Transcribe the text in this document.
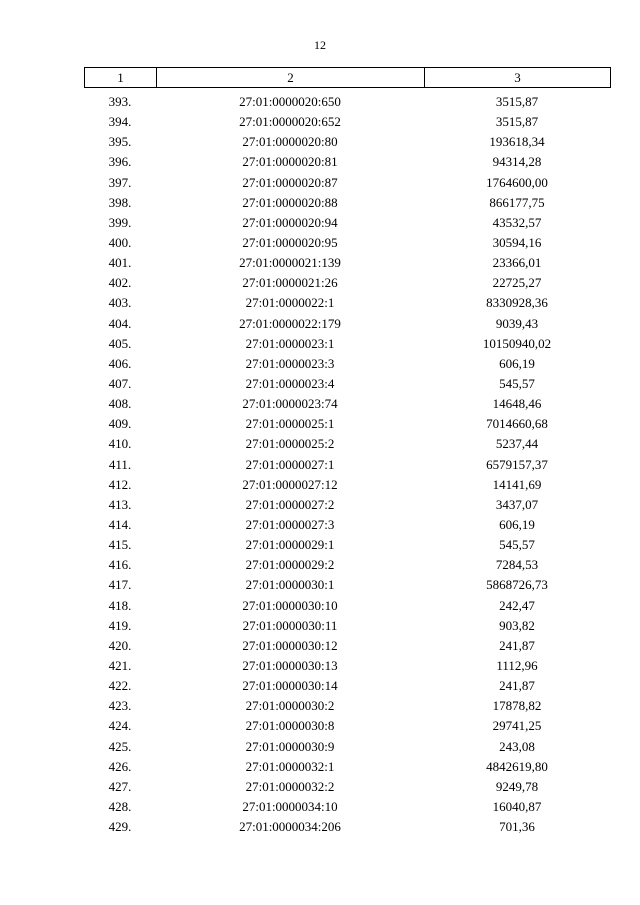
12
1	2	3
393.	27:01:0000020:650	3515,87
394.	27:01:0000020:652	3515,87
395.	27:01:0000020:80	193618,34
396.	27:01:0000020:81	94314,28
397.	27:01:0000020:87	1764600,00
398.	27:01:0000020:88	866177,75
399.	27:01:0000020:94	43532,57
400.	27:01:0000020:95	30594,16
401.	27:01:0000021:139	23366,01
402.	27:01:0000021:26	22725,27
403.	27:01:0000022:1	8330928,36
404.	27:01:0000022:179	9039,43
405.	27:01:0000023:1	10150940,02
406.	27:01:0000023:3	606,19
407.	27:01:0000023:4	545,57
408.	27:01:0000023:74	14648,46
409.	27:01:0000025:1	7014660,68
410.	27:01:0000025:2	5237,44
411.	27:01:0000027:1	6579157,37
412.	27:01:0000027:12	14141,69
413.	27:01:0000027:2	3437,07
414.	27:01:0000027:3	606,19
415.	27:01:0000029:1	545,57
416.	27:01:0000029:2	7284,53
417.	27:01:0000030:1	5868726,73
418.	27:01:0000030:10	242,47
419.	27:01:0000030:11	903,82
420.	27:01:0000030:12	241,87
421.	27:01:0000030:13	1112,96
422.	27:01:0000030:14	241,87
423.	27:01:0000030:2	17878,82
424.	27:01:0000030:8	29741,25
425.	27:01:0000030:9	243,08
426.	27:01:0000032:1	4842619,80
427.	27:01:0000032:2	9249,78
428.	27:01:0000034:10	16040,87
429.	27:01:0000034:206	701,36
